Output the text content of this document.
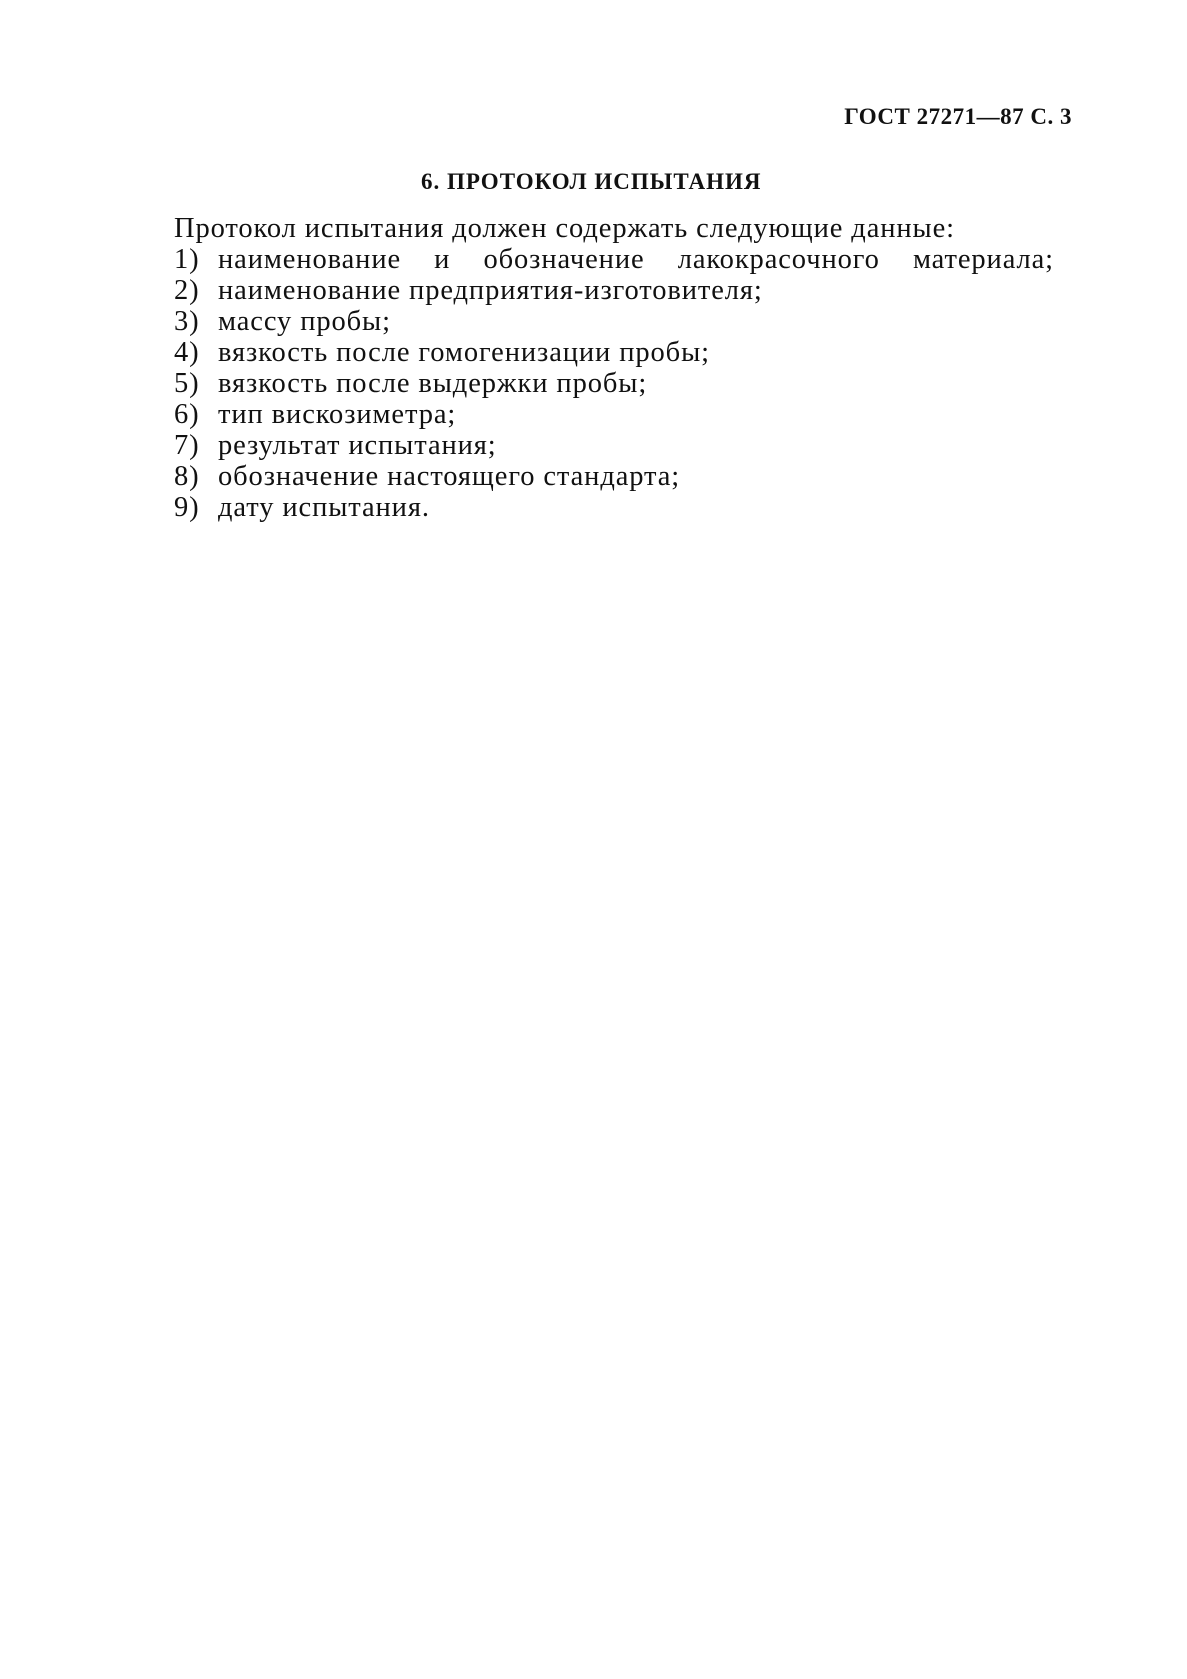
ГОСТ 27271—87 С. 3
6. ПРОТОКОЛ ИСПЫТАНИЯ

Протокол испытания должен содержать следующие данные:

1) наименование и обозначение лакокрасочного материала;
2) наименование предприятия-изготовителя;
3) массу пробы;
4) вязкость после гомогенизации пробы;
5) вязкость после выдержки пробы;
6) тип вискозиметра;
7) результат испытания;
8) обозначение настоящего стандарта;
9) дату испытания.
